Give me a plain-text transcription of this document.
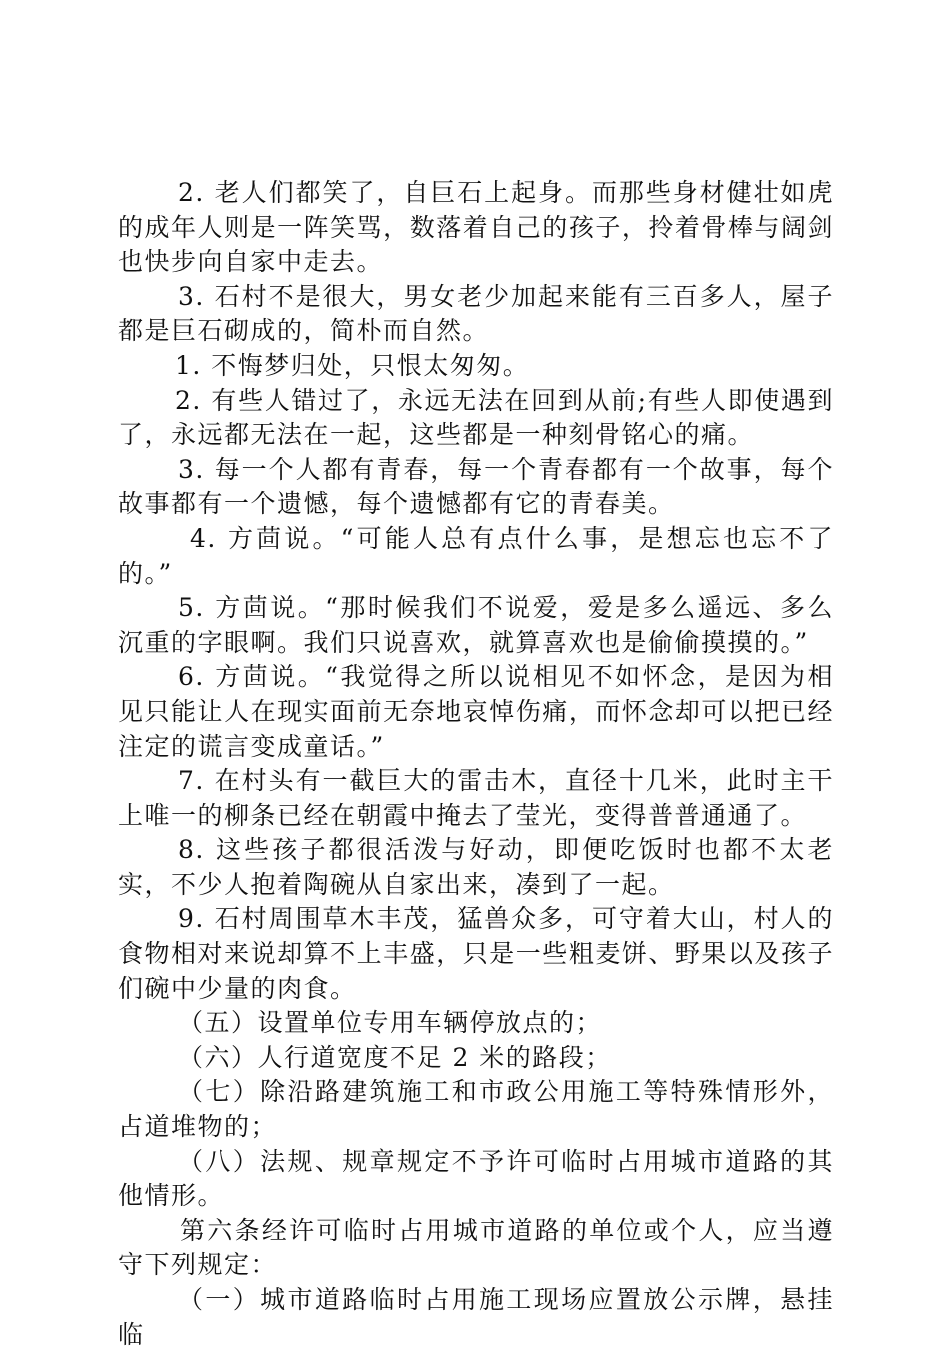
2. 老人们都笑了，自巨石上起身。而那些身材健壮如虎的成年人则是一阵笑骂，数落着自己的孩子，拎着骨棒与阔剑也快步向自家中走去。

3. 石村不是很大，男女老少加起来能有三百多人，屋子都是巨石砌成的，简朴而自然。

1. 不悔梦归处，只恨太匆匆。

2. 有些人错过了，永远无法在回到从前;有些人即使遇到了，永远都无法在一起，这些都是一种刻骨铭心的痛。

3. 每一个人都有青春，每一个青春都有一个故事，每个故事都有一个遗憾，每个遗憾都有它的青春美。

4. 方茴说。“可能人总有点什么事，是想忘也忘不了的。”

5. 方茴说。“那时候我们不说爱，爱是多么遥远、多么沉重的字眼啊。我们只说喜欢，就算喜欢也是偷偷摸摸的。”

6. 方茴说。“我觉得之所以说相见不如怀念，是因为相见只能让人在现实面前无奈地哀悼伤痛，而怀念却可以把已经注定的谎言变成童话。”

7. 在村头有一截巨大的雷击木，直径十几米，此时主干上唯一的柳条已经在朝霞中掩去了莹光，变得普普通通了。

8. 这些孩子都很活泼与好动，即便吃饭时也都不太老实，不少人抱着陶碗从自家出来，凑到了一起。

9. 石村周围草木丰茂，猛兽众多，可守着大山，村人的食物相对来说却算不上丰盛，只是一些粗麦饼、野果以及孩子们碗中少量的肉食。

（五）设置单位专用车辆停放点的；

（六）人行道宽度不足 2 米的路段；

（七）除沿路建筑施工和市政公用施工等特殊情形外，占道堆物的；

（八）法规、规章规定不予许可临时占用城市道路的其他情形。

第六条经许可临时占用城市道路的单位或个人，应当遵守下列规定：

（一）城市道路临时占用施工现场应置放公示牌，悬挂临
